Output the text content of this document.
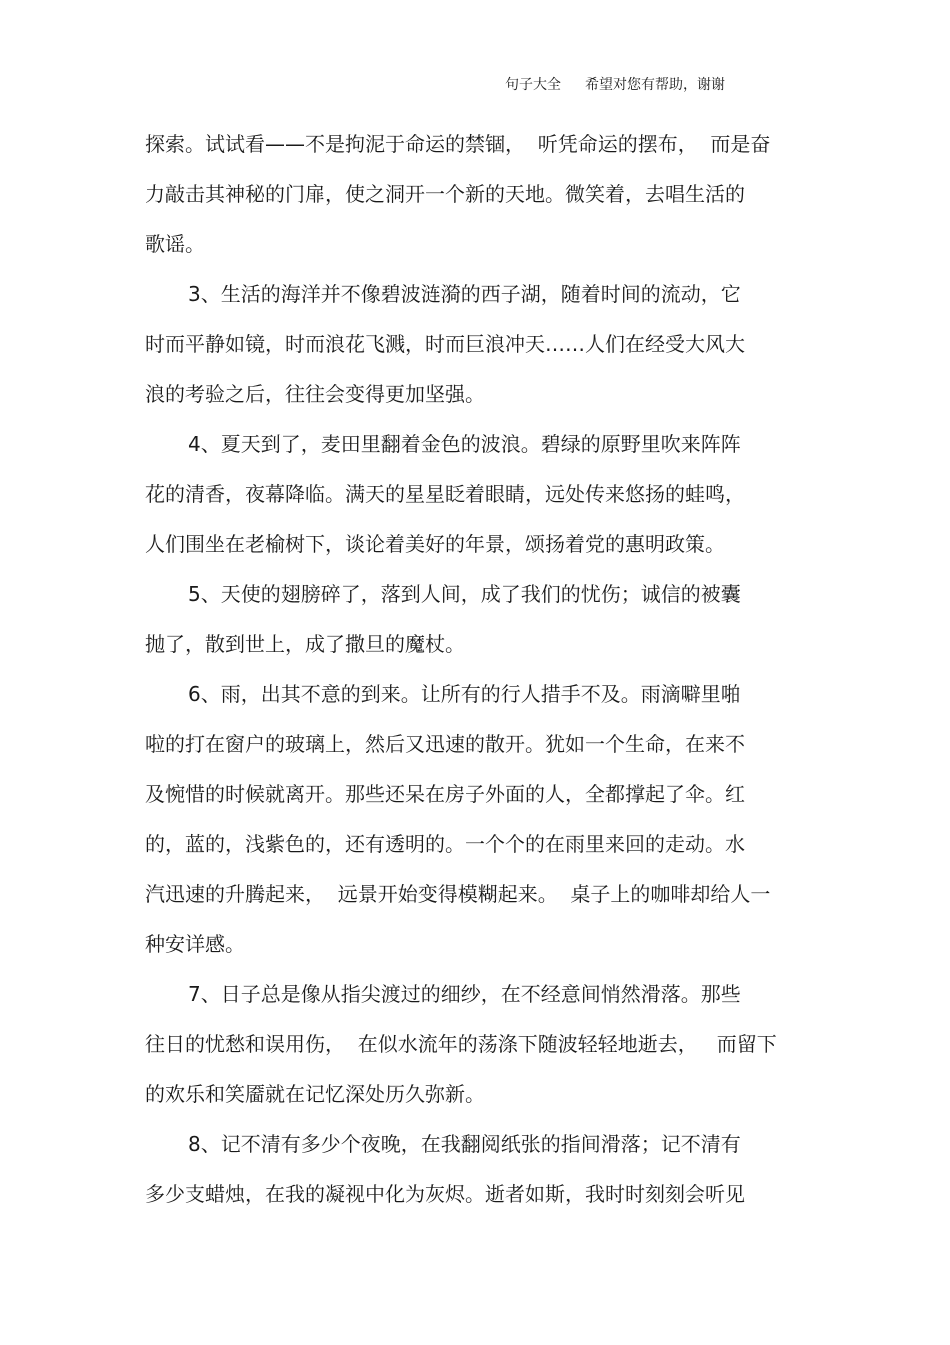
句子大全 希望对您有帮助，谢谢
探索。试试看——不是拘泥于命运的禁锢，  听凭命运的摆布，  而是奋
力敲击其神秘的门扉，使之洞开一个新的天地。微笑着，去唱生活的
歌谣。
3、生活的海洋并不像碧波涟漪的西子湖，随着时间的流动，它
时而平静如镜，时而浪花飞溅，时而巨浪冲天……人们在经受大风大
浪的考验之后，往往会变得更加坚强。
4、夏天到了，麦田里翻着金色的波浪。碧绿的原野里吹来阵阵
花的清香，夜幕降临。满天的星星眨着眼睛，远处传来悠扬的蛙鸣，
人们围坐在老榆树下，谈论着美好的年景，颂扬着党的惠明政策。
5、天使的翅膀碎了，落到人间，成了我们的忧伤；诚信的被囊
抛了，散到世上，成了撒旦的魔杖。
6、雨，出其不意的到来。让所有的行人措手不及。雨滴噼里啪
啦的打在窗户的玻璃上，然后又迅速的散开。犹如一个生命，在来不
及惋惜的时候就离开。那些还呆在房子外面的人，全都撑起了伞。红
的，蓝的，浅紫色的，还有透明的。一个个的在雨里来回的走动。水
汽迅速的升腾起来，  远景开始变得模糊起来。  桌子上的咖啡却给人一
种安详感。
7、日子总是像从指尖渡过的细纱，在不经意间悄然滑落。那些
往日的忧愁和误用伤，  在似水流年的荡涤下随波轻轻地逝去，   而留下
的欢乐和笑靥就在记忆深处历久弥新。
8、记不清有多少个夜晚，在我翻阅纸张的指间滑落；记不清有
多少支蜡烛，在我的凝视中化为灰烬。逝者如斯，我时时刻刻会听见
